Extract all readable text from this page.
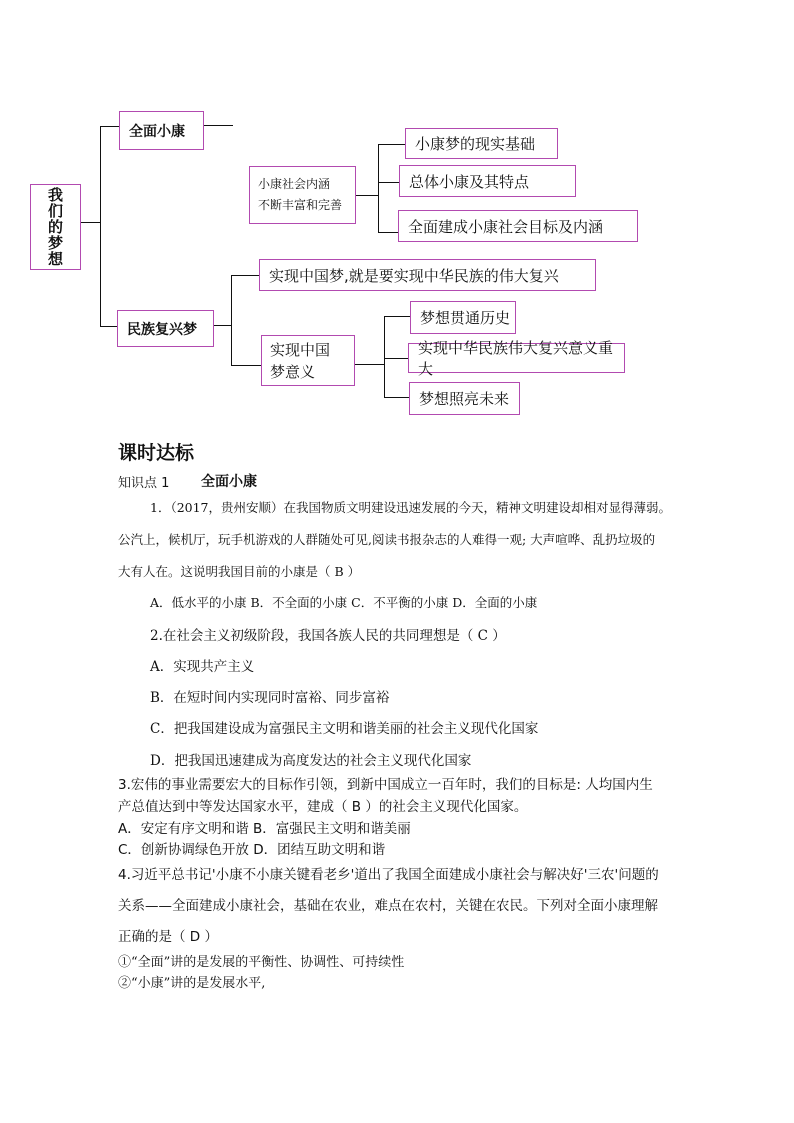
我们的梦想
全面小康
小康社会内涵
不断丰富和完善
小康梦的现实基础
总体小康及其特点
全面建成小康社会目标及内涵
民族复兴梦
实现中国梦,就是要实现中华民族的伟大复兴
实现中国
梦意义
梦想贯通历史
实现中华民族伟大复兴意义重大
梦想照亮未来
课时达标
知识点 1 全面小康
1．（2017，贵州安顺）在我国物质文明建设迅速发展的今天，精神文明建设却相对显得薄弱。
公汽上，候机厅，玩手机游戏的人群随处可见,阅读书报杂志的人难得一观; 大声喧哗、乱扔垃圾的
大有人在。这说明我国目前的小康是（ B ）
A．低水平的小康 B．不全面的小康 C．不平衡的小康 D．全面的小康
2.在社会主义初级阶段，我国各族人民的共同理想是（ C ）
A．实现共产主义
B．在短时间内实现同时富裕、同步富裕
C．把我国建设成为富强民主文明和谐美丽的社会主义现代化国家
D．把我国迅速建成为高度发达的社会主义现代化国家
3.宏伟的事业需要宏大的目标作引领，到新中国成立一百年时，我们的目标是: 人均国内生
产总值达到中等发达国家水平，建成（ B ）的社会主义现代化国家。
A．安定有序文明和谐 B．富强民主文明和谐美丽
C．创新协调绿色开放 D．团结互助文明和谐
4.习近平总书记'小康不小康关键看老乡'道出了我国全面建成小康社会与解决好'三农'问题的
关系——全面建成小康社会，基础在农业，难点在农村，关键在农民。下列对全面小康理解
正确的是（ D ）
①“全面”讲的是发展的平衡性、协调性、可持续性
②“小康”讲的是发展水平,
